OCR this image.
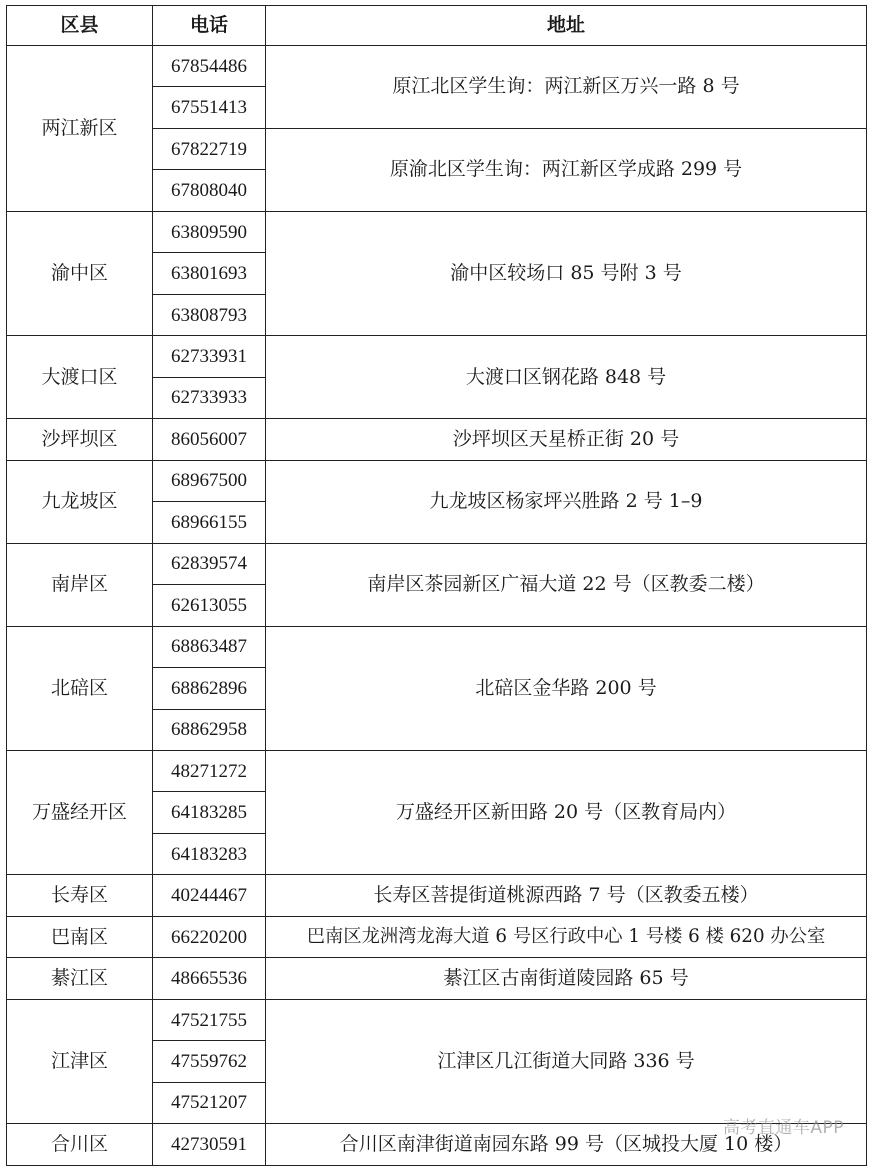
区县	电话	地址
两江新区	67854486	原江北区学生询：两江新区万兴一路 8 号
	67551413	
	67822719	原渝北区学生询：两江新区学成路 299 号
	67808040	
渝中区	63809590	渝中区较场口 85 号附 3 号
	63801693	
	63808793	
大渡口区	62733931	大渡口区钢花路 848 号
	62733933	
沙坪坝区	86056007	沙坪坝区天星桥正街 20 号
九龙坡区	68967500	九龙坡区杨家坪兴胜路 2 号 1–9
	68966155	
南岸区	62839574	南岸区茶园新区广福大道 22 号（区教委二楼）
	62613055	
北碚区	68863487	北碚区金华路 200 号
	68862896	
	68862958	
万盛经开区	48271272	万盛经开区新田路 20 号（区教育局内）
	64183285	
	64183283	
长寿区	40244467	长寿区菩提街道桃源西路 7 号（区教委五楼）
巴南区	66220200	巴南区龙洲湾龙海大道 6 号区行政中心 1 号楼 6 楼 620 办公室
綦江区	48665536	綦江区古南街道陵园路 65 号
江津区	47521755	江津区几江街道大同路 336 号
	47559762	
	47521207	
合川区	42730591	合川区南津街道南园东路 99 号（区城投大厦 10 楼）
高考直通车APP
